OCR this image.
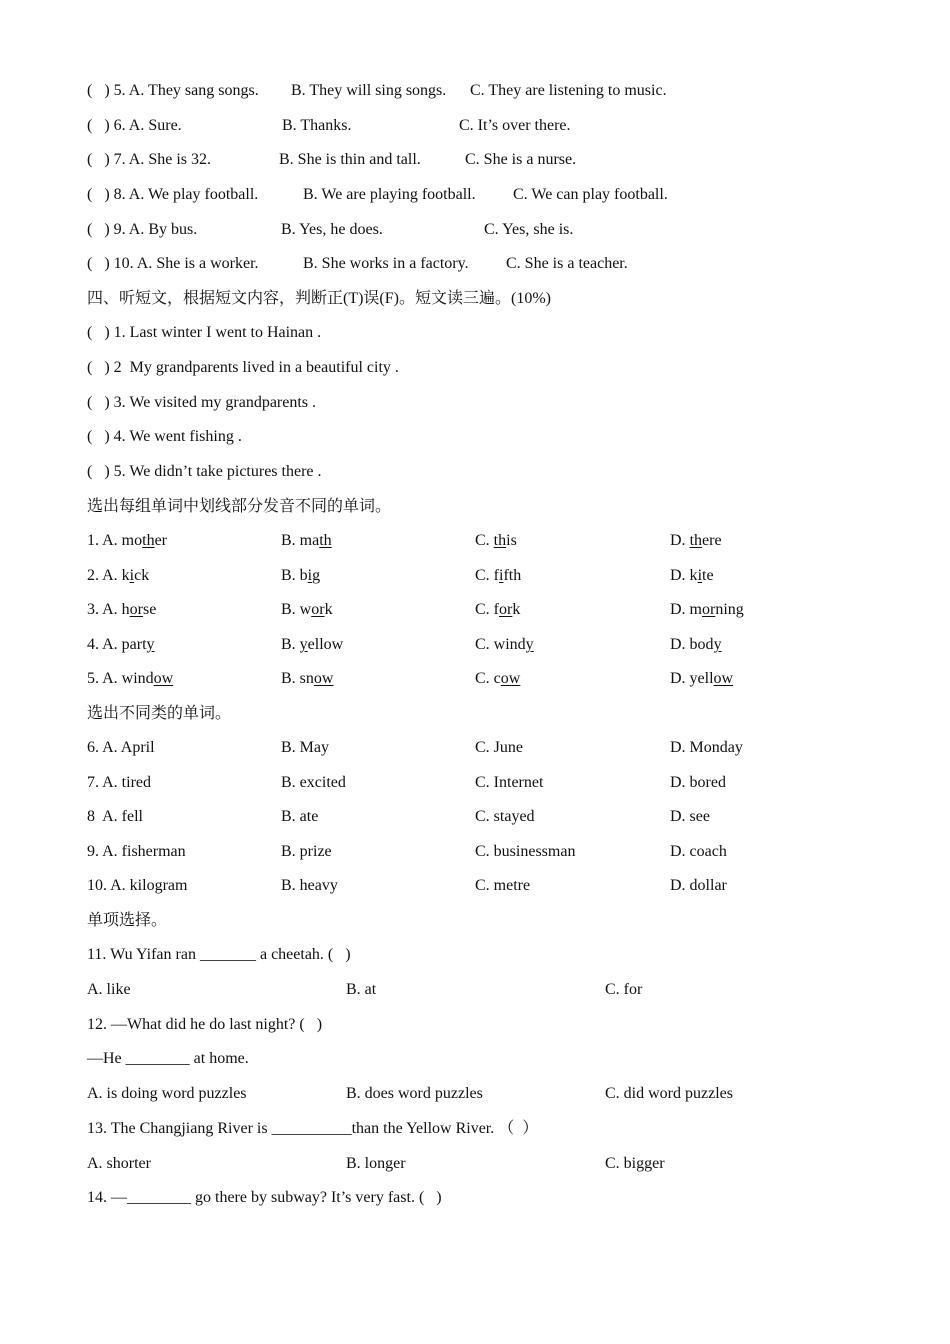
(   ) 5. A. They sang songs. B. They will sing songs. C. They are listening to music.
(   ) 6. A. Sure.	B. Thanks.	C. It’s over there.
(   ) 7. A. She is 32.	B. She is thin and tall.	C. She is a nurse.
(   ) 8. A. We play football.	B. We are playing football. C. We can play football.
(   ) 9. A. By bus.	B. Yes, he does.	C. Yes, she is.
(   ) 10. A. She is a worker.	B. She works in a factory. C. She is a teacher.
四、听短文，根据短文内容，判断正(T)误(F)。短文读三遍。(10%)
(   ) 1. Last winter I went to Hainan .
(   ) 2  My grandparents lived in a beautiful city .
(   ) 3. We visited my grandparents .
(   ) 4. We went fishing .
(   ) 5. We didn’t take pictures there .
选出每组单词中划线部分发音不同的单词。
1. A. mother	B. math	C. this	D. there
2. A. kick	B. big	C. fifth	D. kite
3. A. horse	B. work	C. fork	D. morning
4. A. party	B. yellow	C. windy	D. body
5. A. window	B. snow	C. cow	D. yellow
选出不同类的单词。
6. A. April	B. May	C. June	D. Monday
7. A. tired	B. excited	C. Internet	D. bored
8  A. fell	B. ate	C. stayed	D. see
9. A. fisherman	B. prize	C. businessman	D. coach
10. A. kilogram	B. heavy	C. metre	D. dollar
单项选择。
11. Wu Yifan ran _______ a cheetah. (   )
A. like	B. at	C. for
12. —What did he do last night? (   )
—He ________ at home.
A. is doing word puzzles	B. does word puzzles	C. did word puzzles
13. The Changjiang River is __________than the Yellow River. （  ）
A. shorter	B. longer	C. bigger
14. —________ go there by subway? It’s very fast. (   )
